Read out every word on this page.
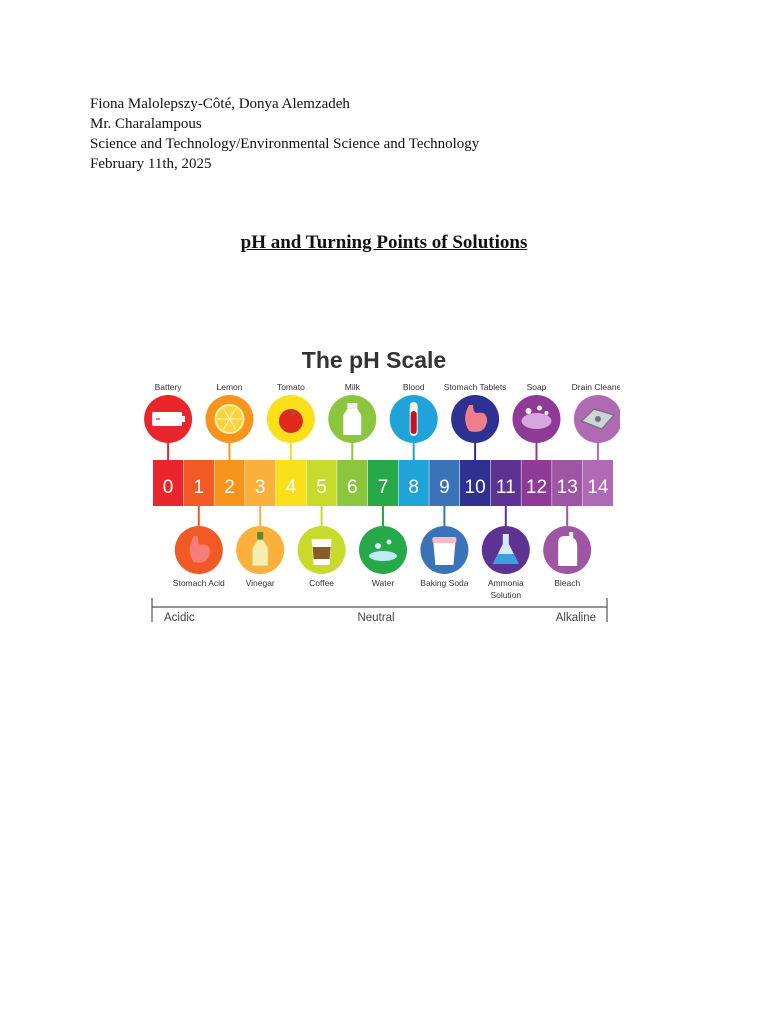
Fiona Malolepszy-Côté, Donya Alemzadeh
Mr. Charalampous
Science and Technology/Environmental Science and Technology
February 11th, 2025
pH and Turning Points of Solutions
The pH Scale
0 1 2 3 4 5 6 7 8 9 10 11 12 13 14
Battery	Lemon	Tomato	Milk	Blood Stomach Tablets Soap	Drain Cleaner
Stomach Acid Vinegar	Coffee	Water	Baking Soda Ammonia Solution
Bleach
Acidic	Neutral	Alkaline
